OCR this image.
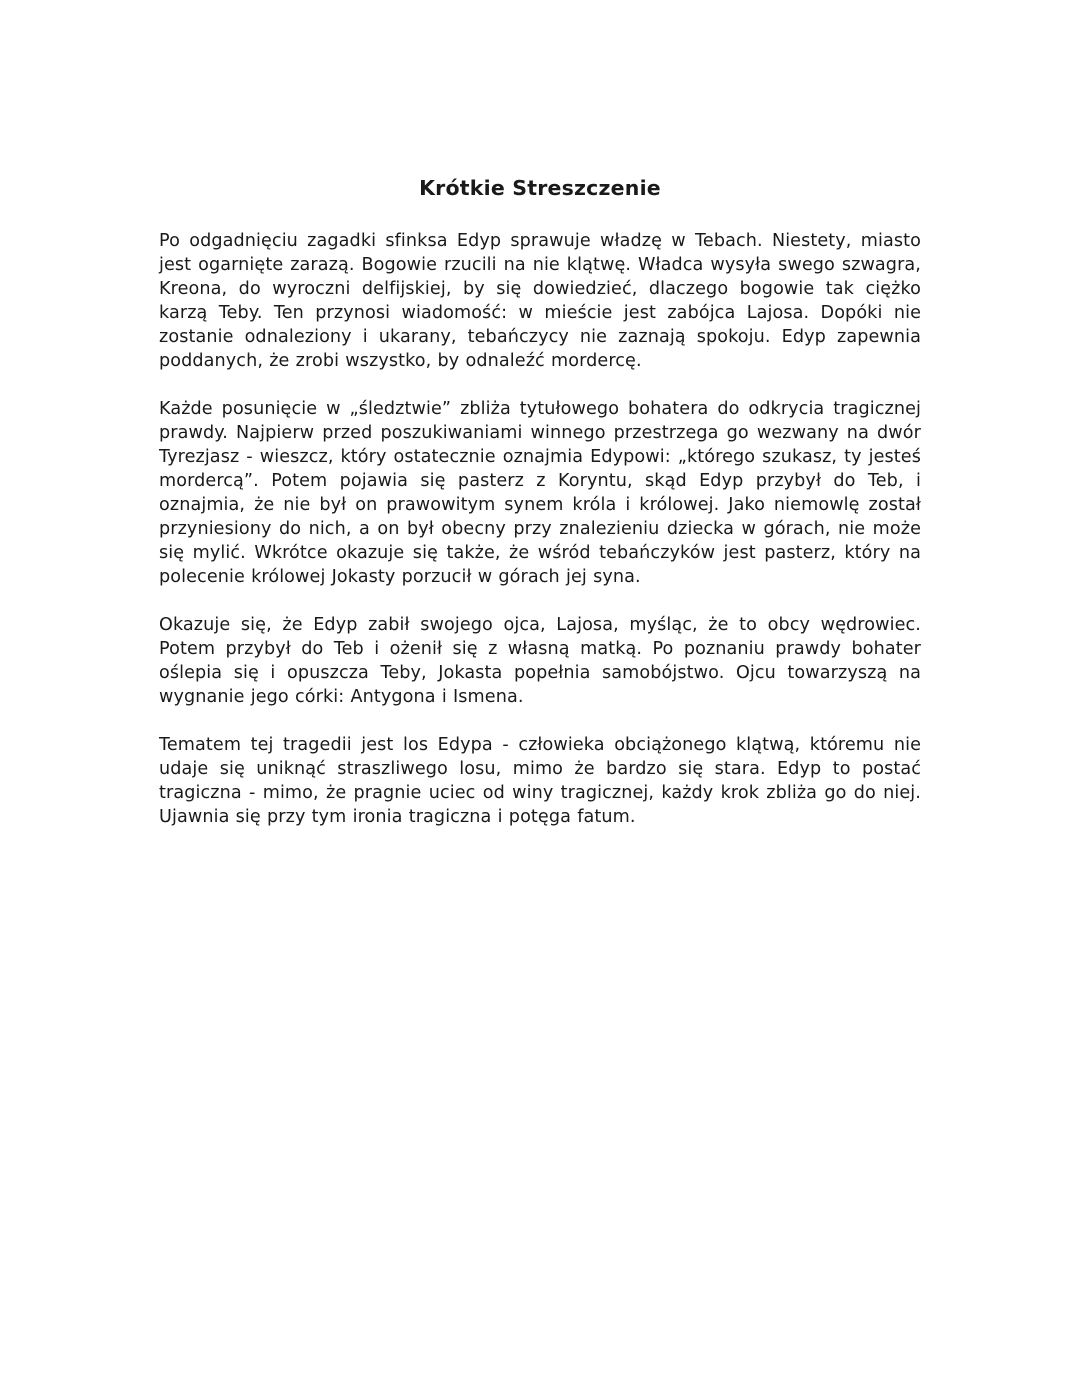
Krótkie Streszczenie

Po odgadnięciu zagadki sfinksa Edyp sprawuje władzę w Tebach. Niestety, miasto jest ogarnięte zarazą. Bogowie rzucili na nie klątwę. Władca wysyła swego szwagra, Kreona, do wyroczni delfijskiej, by się dowiedzieć, dlaczego bogowie tak ciężko karzą Teby. Ten przynosi wiadomość: w mieście jest zabójca Lajosa. Dopóki nie zostanie odnaleziony i ukarany, tebańczycy nie zaznają spokoju. Edyp zapewnia poddanych, że zrobi wszystko, by odnaleźć mordercę.

Każde posunięcie w „śledztwie” zbliża tytułowego bohatera do odkrycia tragicznej prawdy. Najpierw przed poszukiwaniami winnego przestrzega go wezwany na dwór Tyrezjasz - wieszcz, który ostatecznie oznajmia Edypowi: „którego szukasz, ty jesteś mordercą”. Potem pojawia się pasterz z Koryntu, skąd Edyp przybył do Teb, i oznajmia, że nie był on prawowitym synem króla i królowej. Jako niemowlę został przyniesiony do nich, a on był obecny przy znalezieniu dziecka w górach, nie może się mylić. Wkrótce okazuje się także, że wśród tebańczyków jest pasterz, który na polecenie królowej Jokasty porzucił w górach jej syna.

Okazuje się, że Edyp zabił swojego ojca, Lajosa, myśląc, że to obcy wędrowiec. Potem przybył do Teb i ożenił się z własną matką. Po poznaniu prawdy bohater oślepia się i opuszcza Teby, Jokasta popełnia samobójstwo. Ojcu towarzyszą na wygnanie jego córki: Antygona i Ismena.

Tematem tej tragedii jest los Edypa - człowieka obciążonego klątwą, któremu nie udaje się uniknąć straszliwego losu, mimo że bardzo się stara. Edyp to postać tragiczna - mimo, że pragnie uciec od winy tragicznej, każdy krok zbliża go do niej. Ujawnia się przy tym ironia tragiczna i potęga fatum.
